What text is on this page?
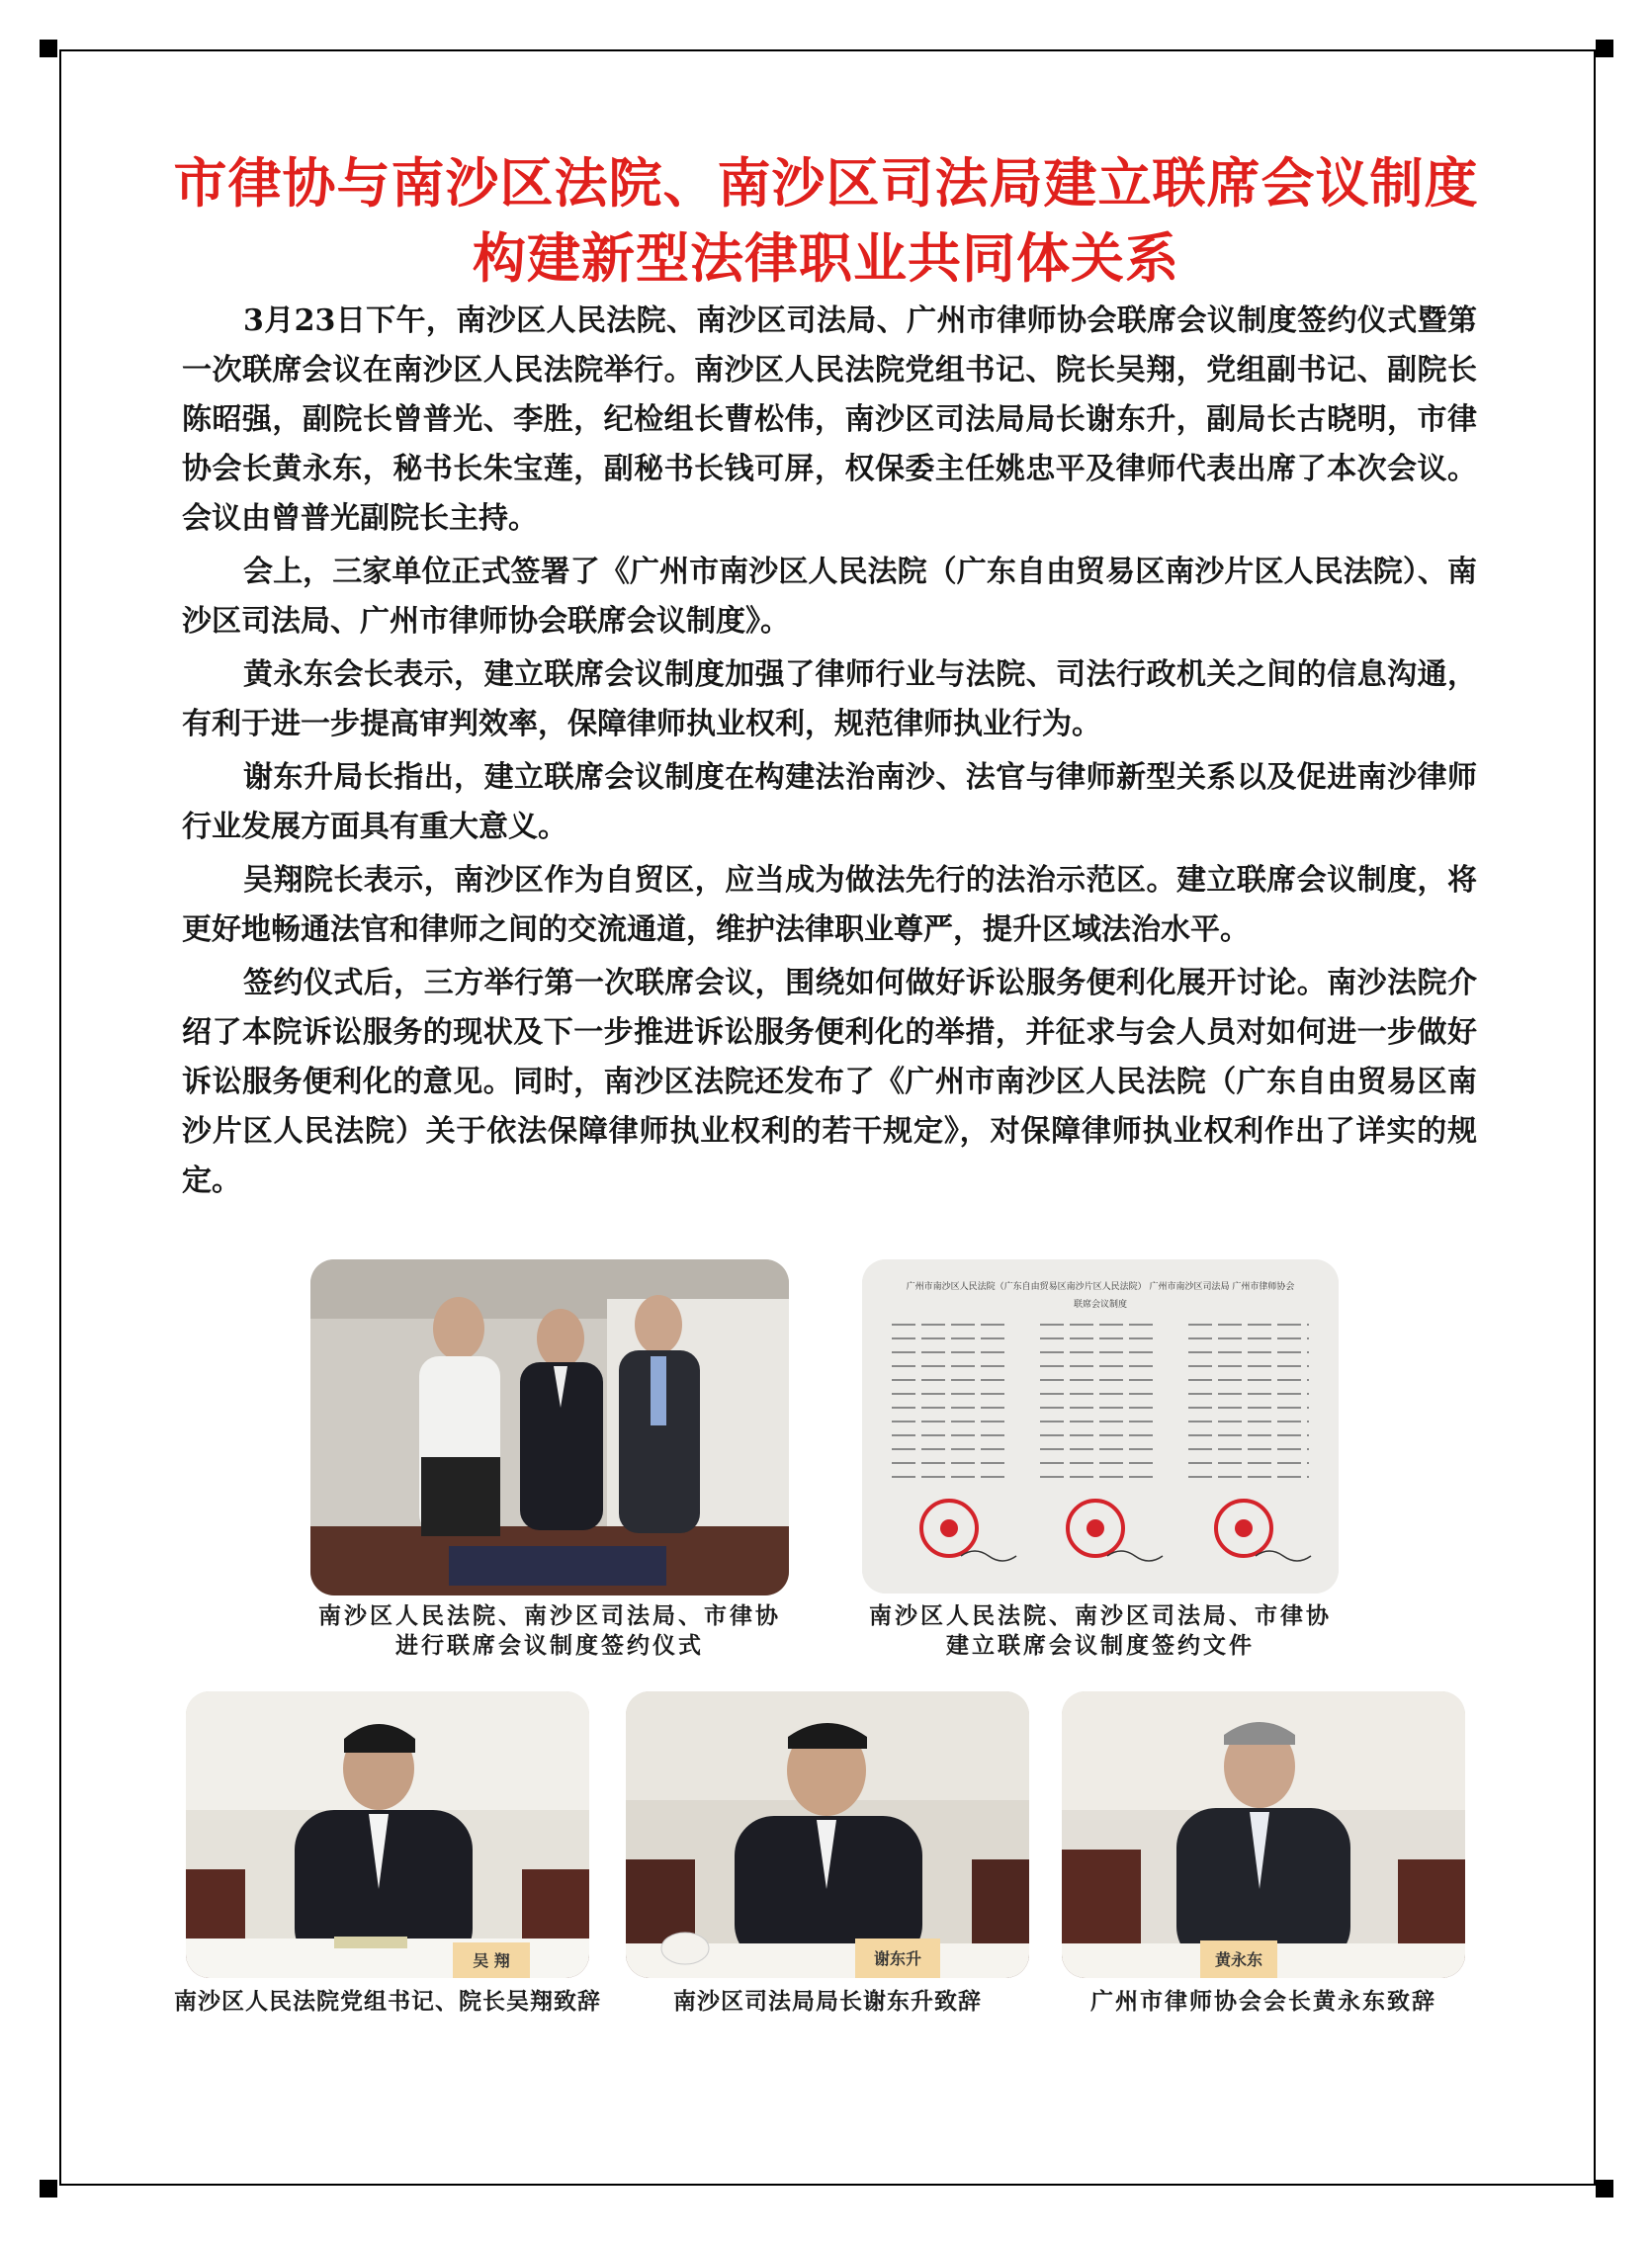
市律协与南沙区法院、南沙区司法局建立联席会议制度
构建新型法律职业共同体关系

3月23日下午，南沙区人民法院、南沙区司法局、广州市律师协会联席会议制度签约仪式暨第一次联席会议在南沙区人民法院举行。南沙区人民法院党组书记、院长吴翔，党组副书记、副院长陈昭强，副院长曾普光、李胜，纪检组长曹松伟，南沙区司法局局长谢东升，副局长古晓明，市律协会长黄永东，秘书长朱宝莲，副秘书长钱可屏，权保委主任姚忠平及律师代表出席了本次会议。会议由曾普光副院长主持。

会上，三家单位正式签署了《广州市南沙区人民法院（广东自由贸易区南沙片区人民法院）、南沙区司法局、广州市律师协会联席会议制度》。

黄永东会长表示，建立联席会议制度加强了律师行业与法院、司法行政机关之间的信息沟通，有利于进一步提高审判效率，保障律师执业权利，规范律师执业行为。

谢东升局长指出，建立联席会议制度在构建法治南沙、法官与律师新型关系以及促进南沙律师行业发展方面具有重大意义。

吴翔院长表示，南沙区作为自贸区，应当成为做法先行的法治示范区。建立联席会议制度，将更好地畅通法官和律师之间的交流通道，维护法律职业尊严，提升区域法治水平。

签约仪式后，三方举行第一次联席会议，围绕如何做好诉讼服务便利化展开讨论。南沙法院介绍了本院诉讼服务的现状及下一步推进诉讼服务便利化的举措，并征求与会人员对如何进一步做好诉讼服务便利化的意见。同时，南沙区法院还发布了《广州市南沙区人民法院（广东自由贸易区南沙片区人民法院）关于依法保障律师执业权利的若干规定》，对保障律师执业权利作出了详实的规定。

南沙区人民法院、南沙区司法局、市律协
进行联席会议制度签约仪式
广州市南沙区人民法院（广东自由贸易区南沙片区人民法院） 广州市南沙区司法局 广州市律师协会
联席会议制度
南沙区人民法院、南沙区司法局、市律协
建立联席会议制度签约文件
吴 翔
南沙区人民法院党组书记、院长吴翔致辞
谢东升
南沙区司法局局长谢东升致辞
黄永东
广州市律师协会会长黄永东致辞
